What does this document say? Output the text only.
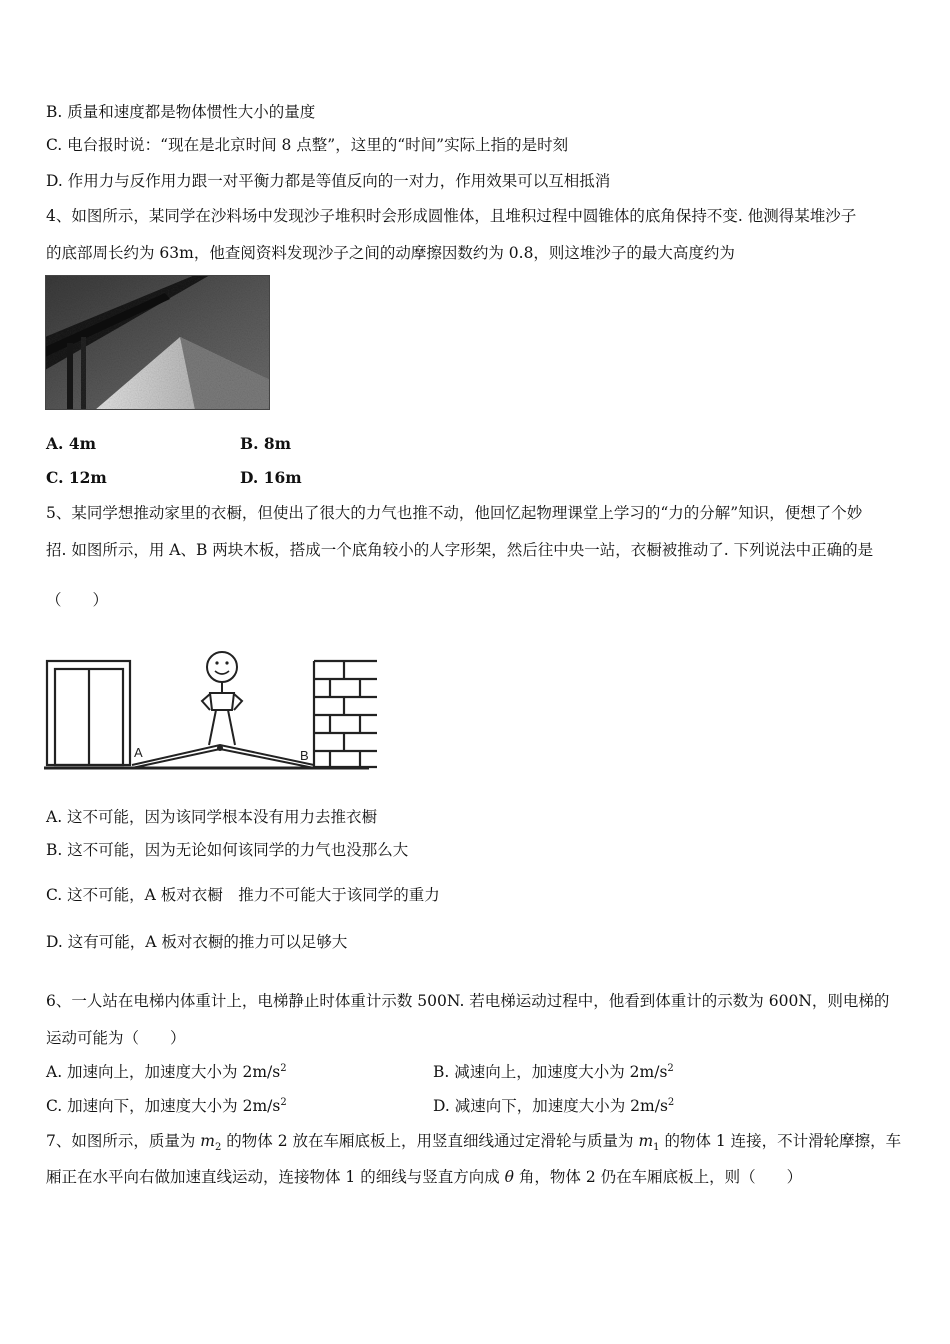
B. 质量和速度都是物体惯性大小的量度
C. 电台报时说：“现在是北京时间 8 点整”，这里的“时间”实际上指的是时刻
D. 作用力与反作用力跟一对平衡力都是等值反向的一对力，作用效果可以互相抵消
4、如图所示，某同学在沙料场中发现沙子堆积时会形成圆惟体，且堆积过程中圆锥体的底角保持不变. 他测得某堆沙子
的底部周长约为 63m，他查阅资料发现沙子之间的动摩擦因数约为 0.8，则这堆沙子的最大高度约为
A. 4m	B. 8m
C. 12m	D. 16m
5、某同学想推动家里的衣橱，但使出了很大的力气也推不动，他回忆起物理课堂上学习的“力的分解”知识，便想了个妙
招. 如图所示，用 A、B 两块木板，搭成一个底角较小的人字形架，然后往中央一站，衣橱被推动了. 下列说法中正确的是
（　　）
A	B
A. 这不可能，因为该同学根本没有用力去推衣橱
B. 这不可能，因为无论如何该同学的力气也没那么大
C. 这不可能，A 板对衣橱　推力不可能大于该同学的重力
D. 这有可能，A 板对衣橱的推力可以足够大
6、一人站在电梯内体重计上，电梯静止时体重计示数 500N. 若电梯运动过程中，他看到体重计的示数为 600N，则电梯的
运动可能为（　　）
A. 加速向上，加速度大小为 $2m/s^2$	B. 减速向上，加速度大小为 $2m/s^2$
C. 加速向下，加速度大小为 $2m/s^2$	D. 减速向下，加速度大小为 $2m/s^2$
7、如图所示，质量为 $m_2$ 的物体 2 放在车厢底板上，用竖直细线通过定滑轮与质量为 $m_1$ 的物体 1 连接，不计滑轮摩擦，车
厢正在水平向右做加速直线运动，连接物体 1 的细线与竖直方向成 θ 角，物体 2 仍在车厢底板上，则（　　）
